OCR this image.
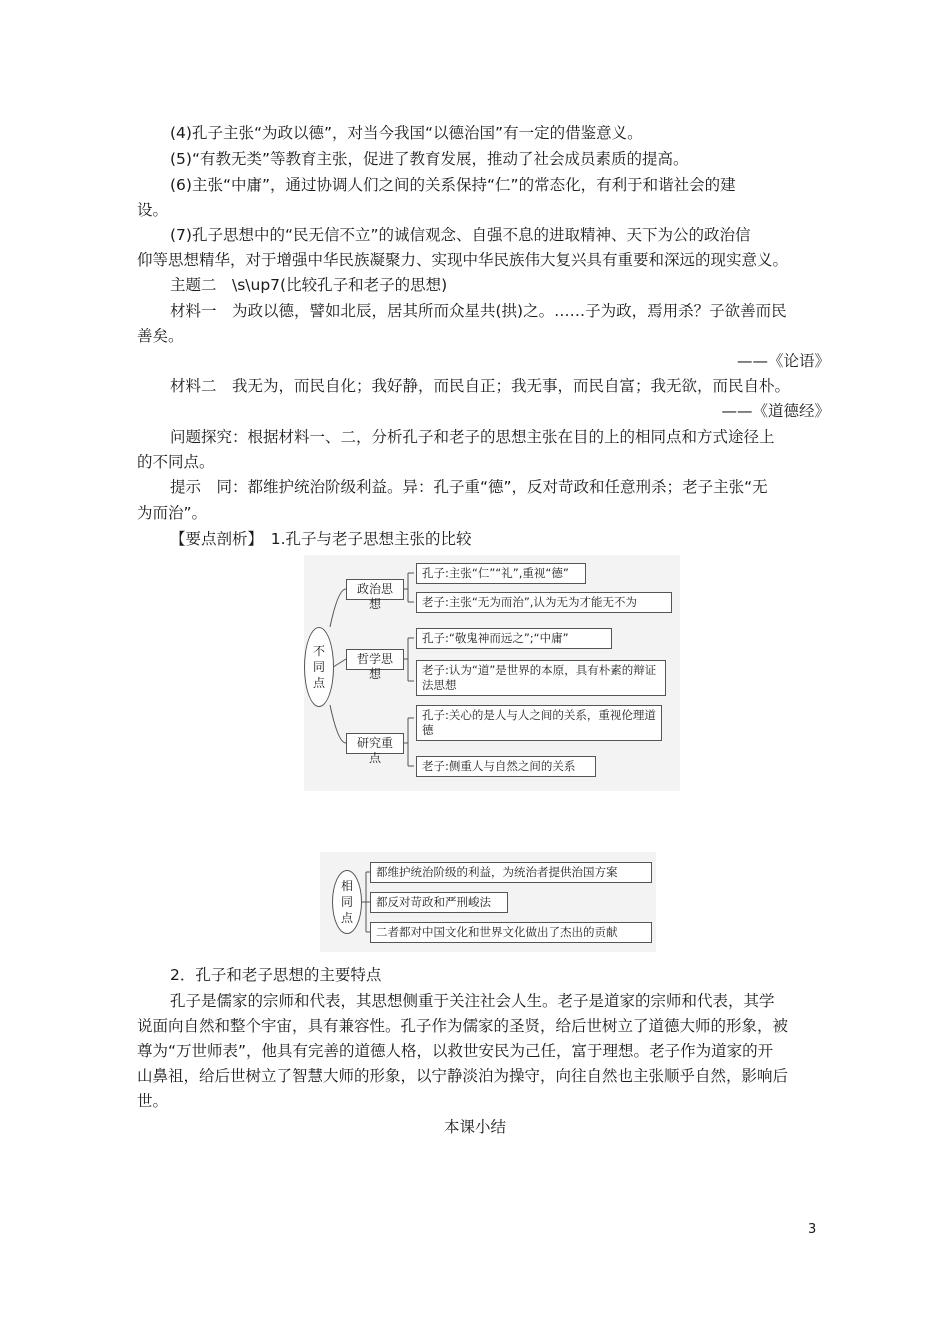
(4)孔子主张“为政以德”，对当今我国“以德治国”有一定的借鉴意义。
(5)“有教无类”等教育主张，促进了教育发展，推动了社会成员素质的提高。
(6)主张“中庸”，通过协调人们之间的关系保持“仁”的常态化，有利于和谐社会的建
设。
(7)孔子思想中的“民无信不立”的诚信观念、自强不息的进取精神、天下为公的政治信
仰等思想精华，对于增强中华民族凝聚力、实现中华民族伟大复兴具有重要和深远的现实意义。
主题二　\s\up7(比较孔子和老子的思想)
材料一　为政以德，譬如北辰，居其所而众星共(拱)之。……子为政，焉用杀？子欲善而民
善矣。
——《论语》
材料二　我无为，而民自化；我好静，而民自正；我无事，而民自富；我无欲，而民自朴。
——《道德经》
问题探究：根据材料一、二，分析孔子和老子的思想主张在目的上的相同点和方式途径上
的不同点。
提示　同：都维护统治阶级利益。异：孔子重“德”，反对苛政和任意刑杀；老子主张“无
为而治”。
【要点剖析】　1.孔子与老子思想主张的比较
不
同
点
政治思想
孔子:主张“仁”“礼”,重视“德”
老子:主张“无为而治”,认为无为才能无不为
哲学思想
孔子:“敬鬼神而远之”;“中庸”
老子:认为“道”是世界的本原，具有朴素的辩证法思想
研究重点
孔子:关心的是人与人之间的关系，重视伦理道德
老子:侧重人与自然之间的关系
相
同
点
都维护统治阶级的利益，为统治者提供治国方案
都反对苛政和严刑峻法
二者都对中国文化和世界文化做出了杰出的贡献
2．孔子和老子思想的主要特点
孔子是儒家的宗师和代表，其思想侧重于关注社会人生。老子是道家的宗师和代表，其学
说面向自然和整个宇宙，具有兼容性。孔子作为儒家的圣贤，给后世树立了道德大师的形象，被
尊为“万世师表”，他具有完善的道德人格，以救世安民为己任，富于理想。老子作为道家的开
山鼻祖，给后世树立了智慧大师的形象，以宁静淡泊为操守，向往自然也主张顺乎自然，影响后
世。
本课小结
3
